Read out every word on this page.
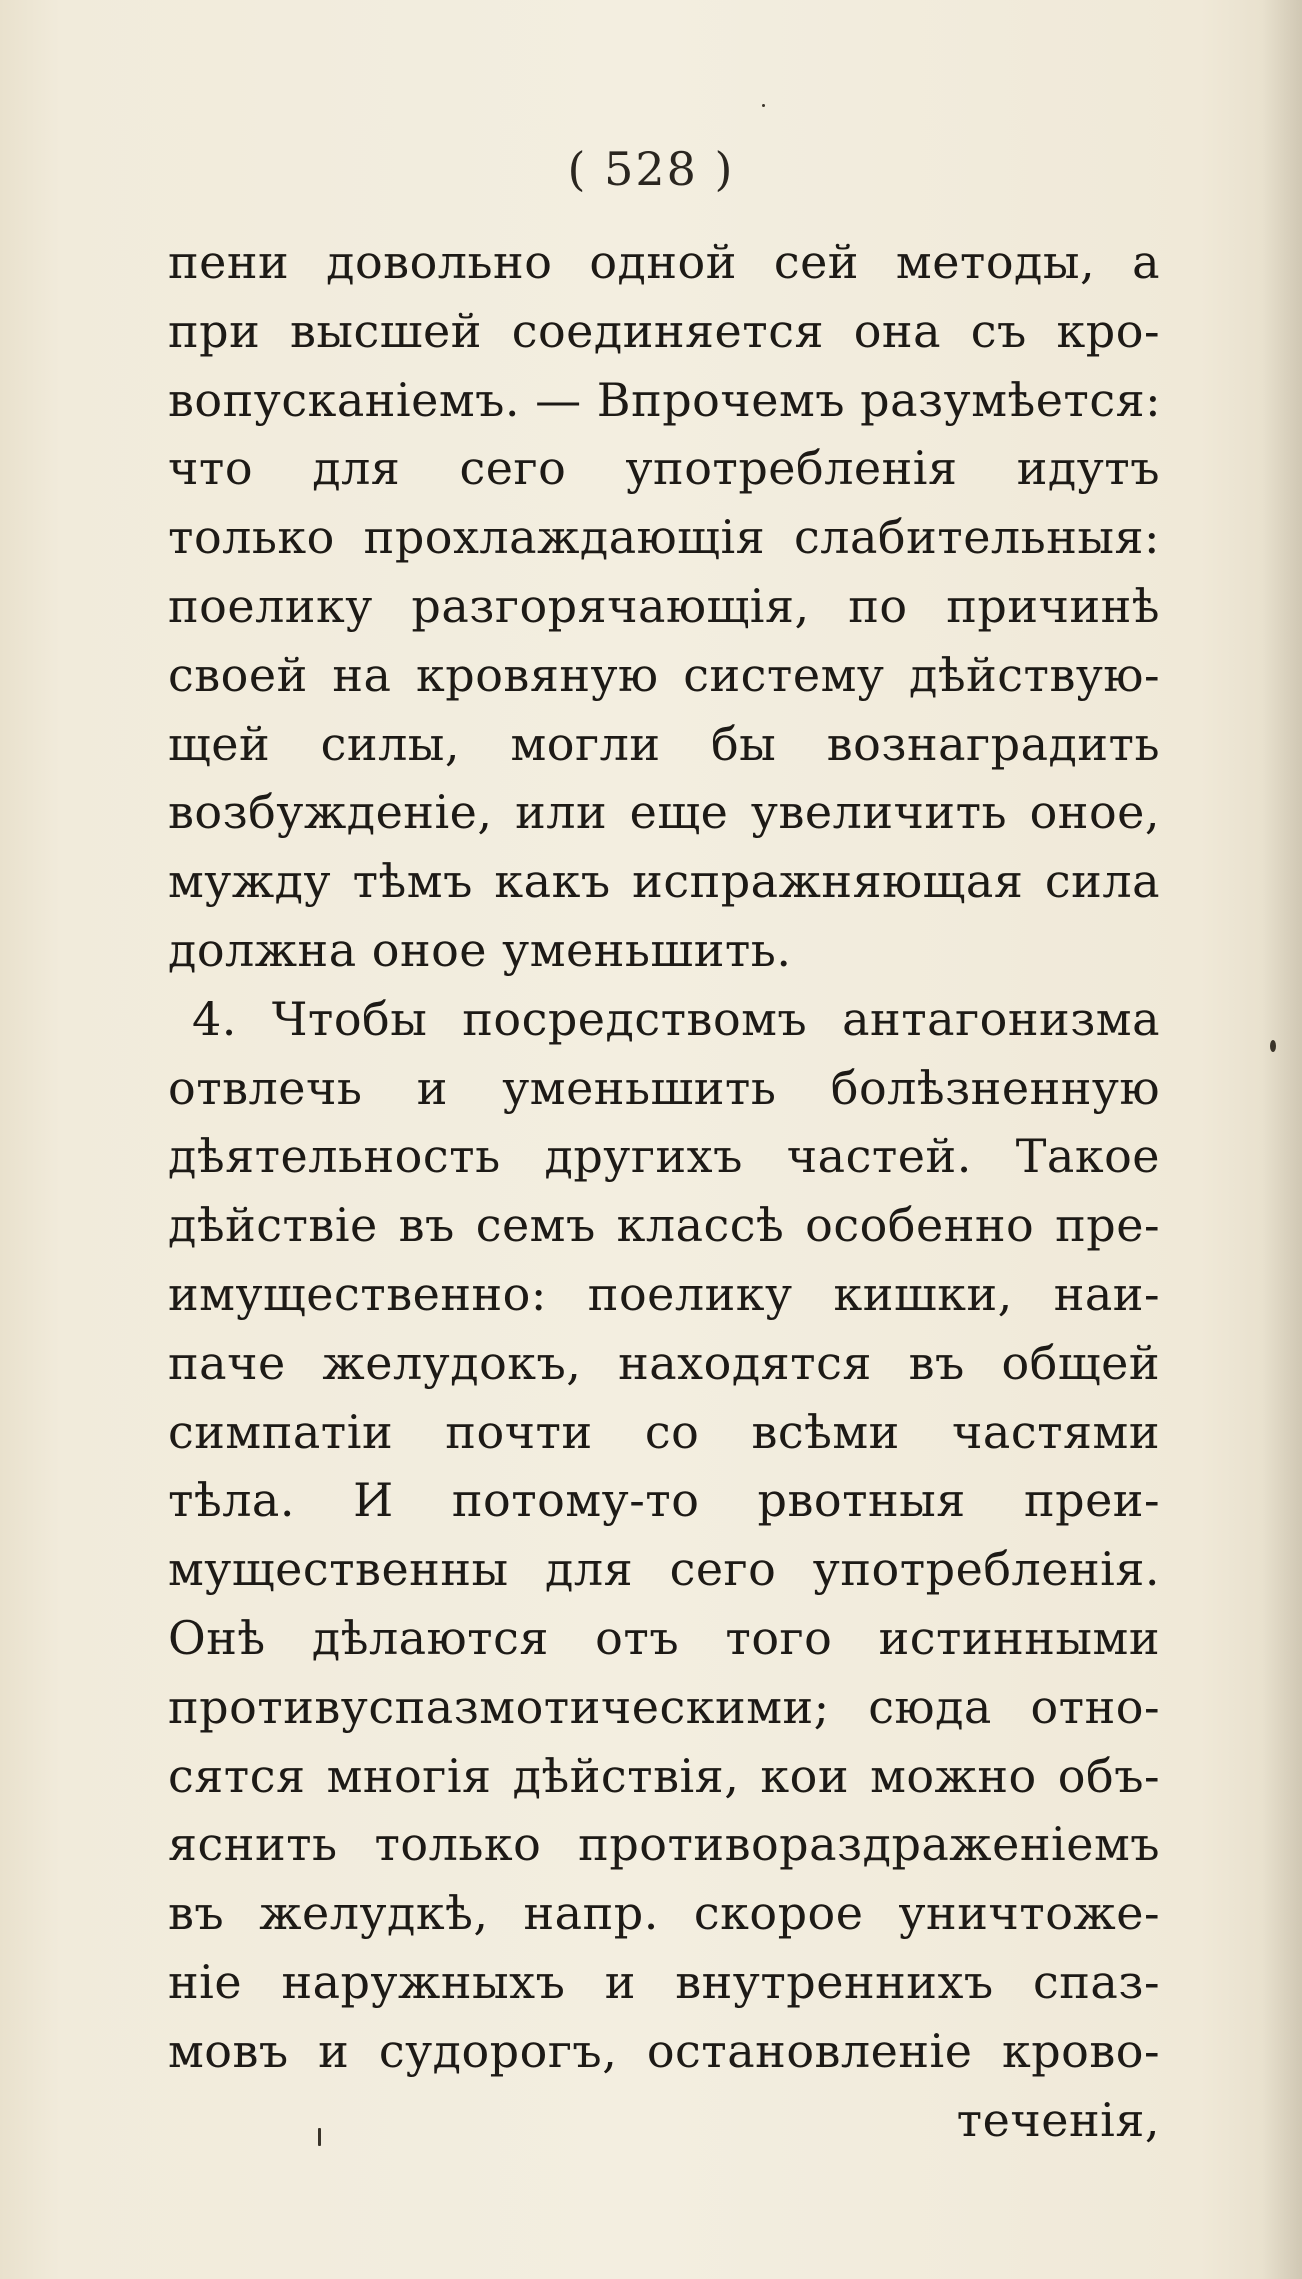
( 528 )
пени довольно одной сей методы, а
при высшей соединяется она съ кро-
вопусканiемъ. — Впрочемъ разумѣется:
что для сего употребленiя идутъ
только прохлаждающiя слабительныя:
поелику разгорячающiя, по причинѣ
своей на кровяную систему дѣйствую-
щей силы, могли бы вознаградить
возбужденiе, или еще увеличить оное,
мужду тѣмъ какъ испражняющая сила
должна оное уменьшить.
4. Чтобы посредствомъ антагонизма
отвлечь и уменьшить болѣзненную
дѣятельность другихъ частей. Такое
дѣйствiе въ семъ классѣ особенно пре-
имущественно: поелику кишки, наи-
паче желудокъ, находятся въ общей
симпатiи почти со всѣми частями
тѣла. И потому-то рвотныя преи-
мущественны для сего употребленiя.
Онѣ дѣлаются отъ того истинными
противуспазмотическими; сюда отно-
сятся многiя дѣйствiя, кои можно объ-
яснить только противораздраженiемъ
въ желудкѣ, напр. скорое уничтоже-
нiе наружныхъ и внутреннихъ спаз-
мовъ и судорогъ, остановленiе крово-
теченiя,
